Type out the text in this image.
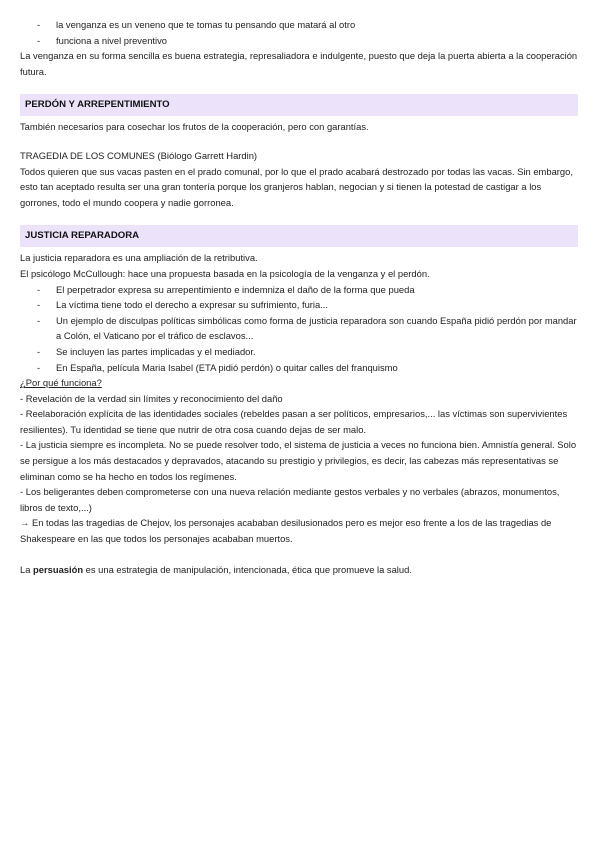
- la venganza es un veneno que te tomas tu pensando que matará al otro
- funciona a nivel preventivo

La venganza en su forma sencilla es buena estrategia, represaliadora e indulgente, puesto que deja la puerta abierta a la cooperación futura.

PERDÓN Y ARREPENTIMIENTO

También necesarios para cosechar los frutos de la cooperación, pero con garantías.

TRAGEDIA DE LOS COMUNES (Biólogo Garrett Hardin)

Todos quieren que sus vacas pasten en el prado comunal, por lo que el prado acabará destrozado por todas las vacas. Sin embargo, esto tan aceptado resulta ser una gran tontería porque los granjeros hablan, negocian y si tienen la potestad de castigar a los gorrones, todo el mundo coopera y nadie gorronea.

JUSTICIA REPARADORA

La justicia reparadora es una ampliación de la retributiva.

El psicólogo McCullough: hace una propuesta basada en la psicología de la venganza y el perdón.

- El perpetrador expresa su arrepentimiento e indemniza el daño de la forma que pueda
- La víctima tiene todo el derecho a expresar su sufrimiento, furia...
- Un ejemplo de disculpas políticas simbólicas como forma de justicia reparadora son cuando España pidió perdón por mandar a Colón, el Vaticano por el tráfico de esclavos...
- Se incluyen las partes implicadas y el mediador.
- En España, película Maria Isabel (ETA pidió perdón) o quitar calles del franquismo

¿Por qué funciona?

- Revelación de la verdad sin límites y reconocimiento del daño

- Reelaboración explícita de las identidades sociales (rebeldes pasan a ser políticos, empresarios,... las víctimas son supervivientes resilientes). Tu identidad se tiene que nutrir de otra cosa cuando dejas de ser malo.

- La justicia siempre es incompleta. No se puede resolver todo, el sistema de justicia a veces no funciona bien. Amnistía general. Solo se persigue a los más destacados y depravados, atacando su prestigio y privilegios, es decir, las cabezas más representativas se eliminan como se ha hecho en todos los regímenes.

- Los beligerantes deben comprometerse con una nueva relación mediante gestos verbales y no verbales (abrazos, monumentos, libros de texto,...)

→ En todas las tragedias de Chejov, los personajes acababan desilusionados pero es mejor eso frente a los de las tragedias de Shakespeare en las que todos los personajes acababan muertos.

La persuasión es una estrategia de manipulación, intencionada, ética que promueve la salud.
